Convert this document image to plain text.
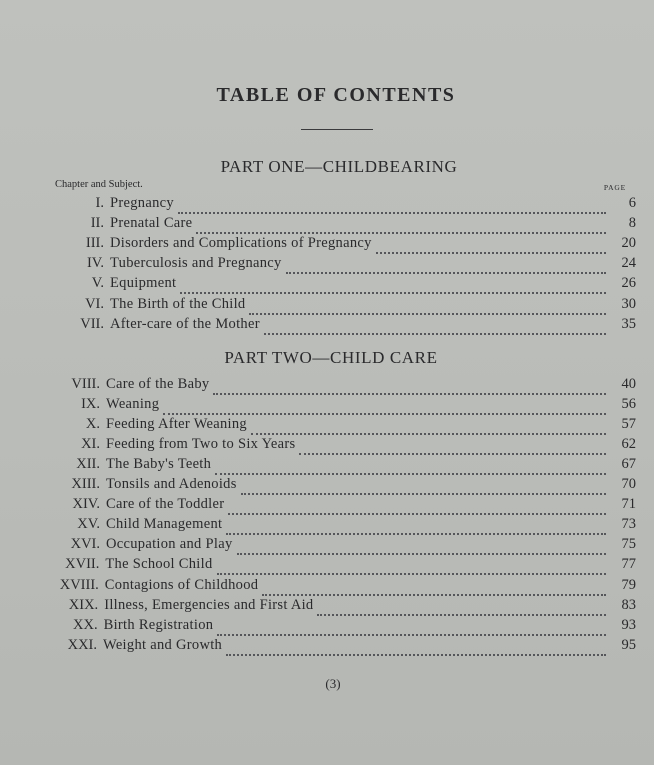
TABLE OF CONTENTS
PART ONE—CHILDBEARING
Chapter and Subject.	PAGE
PART TWO—CHILD CARE
I. Pregnancy	6
II. Prenatal Care	8
III. Disorders and Complications of Pregnancy	20
IV. Tuberculosis and Pregnancy	24
V. Equipment	26
VI. The Birth of the Child	30
VII. After-care of the Mother	35
VIII. Care of the Baby	40
IX. Weaning	56
X. Feeding After Weaning	57
XI. Feeding from Two to Six Years	62
XII. The Baby's Teeth	67
XIII. Tonsils and Adenoids	70
XIV. Care of the Toddler	71
XV. Child Management	73
XVI. Occupation and Play	75
XVII. The School Child	77
XVIII. Contagions of Childhood	79
XIX. Illness, Emergencies and First Aid	83
XX. Birth Registration	93
XXI. Weight and Growth	95
(3)
